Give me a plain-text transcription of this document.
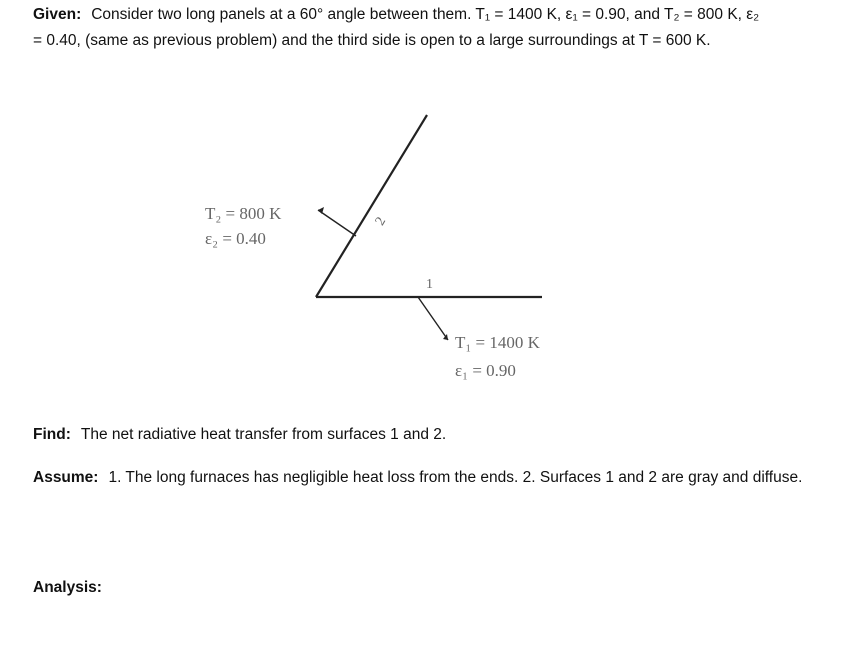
Given: Consider two long panels at a 60° angle between them. T₁ = 1400 K, ε₁ = 0.90, and T₂ = 800 K, ε₂
= 0.40, (same as previous problem) and the third side is open to a large surroundings at T = 600 K.
T₂ = 800 K
ε₂ = 0.40
2
1
T₁ = 1400 K
ε₁ = 0.90
Find: The net radiative heat transfer from surfaces 1 and 2.
Assume: 1. The long furnaces has negligible heat loss from the ends. 2. Surfaces 1 and 2 are gray and diffuse.
Analysis:
